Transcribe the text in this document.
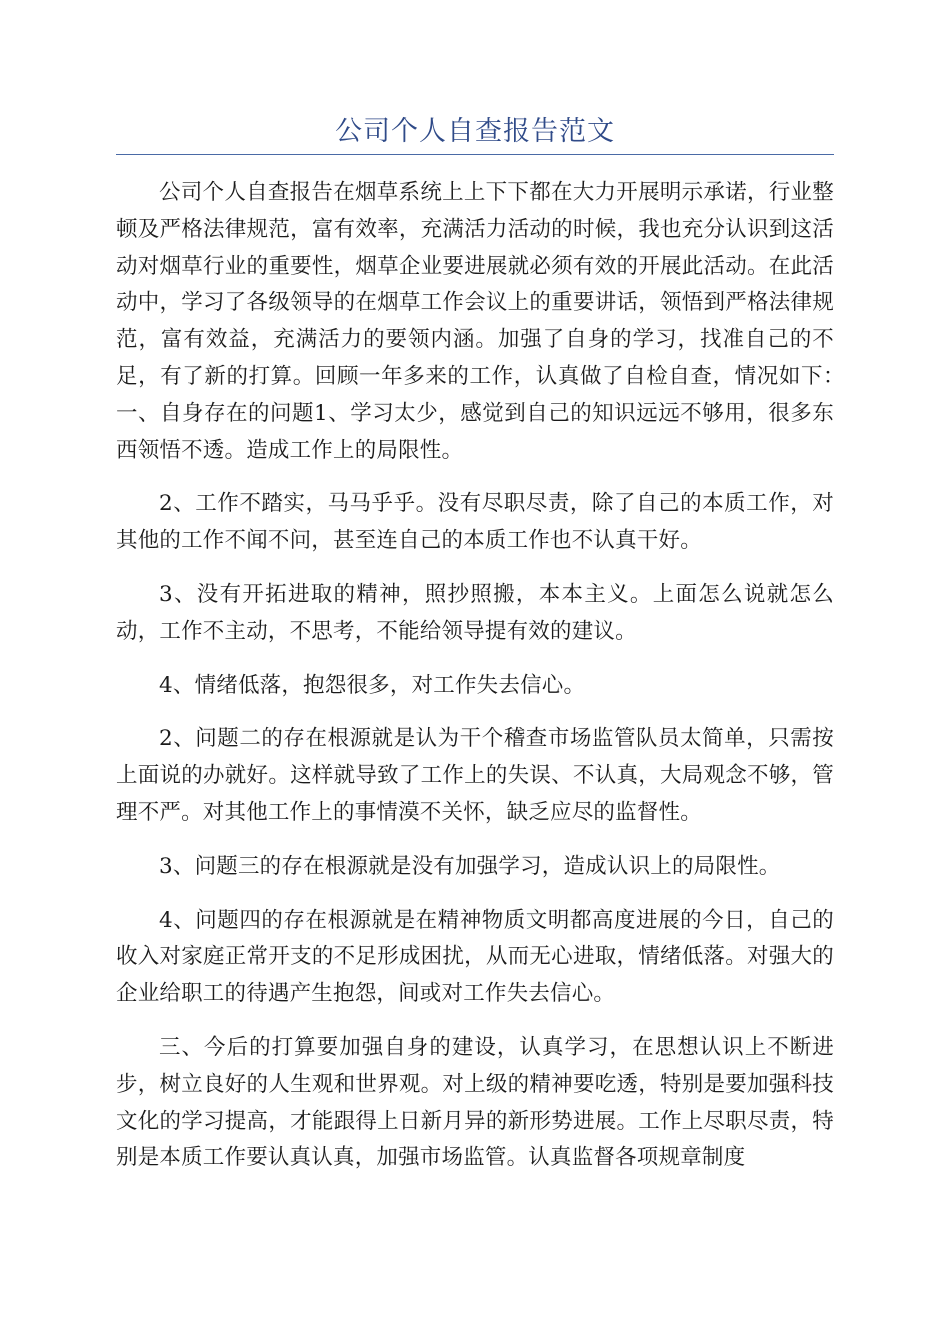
公司个人自查报告范文

公司个人自查报告在烟草系统上上下下都在大力开展明示承诺，行业整顿及严格法律规范，富有效率，充满活力活动的时候，我也充分认识到这活动对烟草行业的重要性，烟草企业要进展就必须有效的开展此活动。在此活动中，学习了各级领导的在烟草工作会议上的重要讲话，领悟到严格法律规范，富有效益，充满活力的要领内涵。加强了自身的学习，找准自己的不足，有了新的打算。回顾一年多来的工作，认真做了自检自查，情况如下：　　一、自身存在的问题1、学习太少，感觉到自己的知识远远不够用，很多东西领悟不透。造成工作上的局限性。

2、工作不踏实，马马乎乎。没有尽职尽责，除了自己的本质工作，对其他的工作不闻不问，甚至连自己的本质工作也不认真干好。

3、没有开拓进取的精神，照抄照搬，本本主义。上面怎么说就怎么动，工作不主动，不思考，不能给领导提有效的建议。

4、情绪低落，抱怨很多，对工作失去信心。

2、问题二的存在根源就是认为干个稽查市场监管队员太简单，只需按上面说的办就好。这样就导致了工作上的失误、不认真，大局观念不够，管理不严。对其他工作上的事情漠不关怀，缺乏应尽的监督性。

3、问题三的存在根源就是没有加强学习，造成认识上的局限性。

4、问题四的存在根源就是在精神物质文明都高度进展的今日，自己的收入对家庭正常开支的不足形成困扰，从而无心进取，情绪低落。对强大的企业给职工的待遇产生抱怨，间或对工作失去信心。

三、今后的打算要加强自身的建设，认真学习，在思想认识上不断进步，树立良好的人生观和世界观。对上级的精神要吃透，特别是要加强科技文化的学习提高，才能跟得上日新月异的新形势进展。工作上尽职尽责，特别是本质工作要认真认真，加强市场监管。认真监督各项规章制度
